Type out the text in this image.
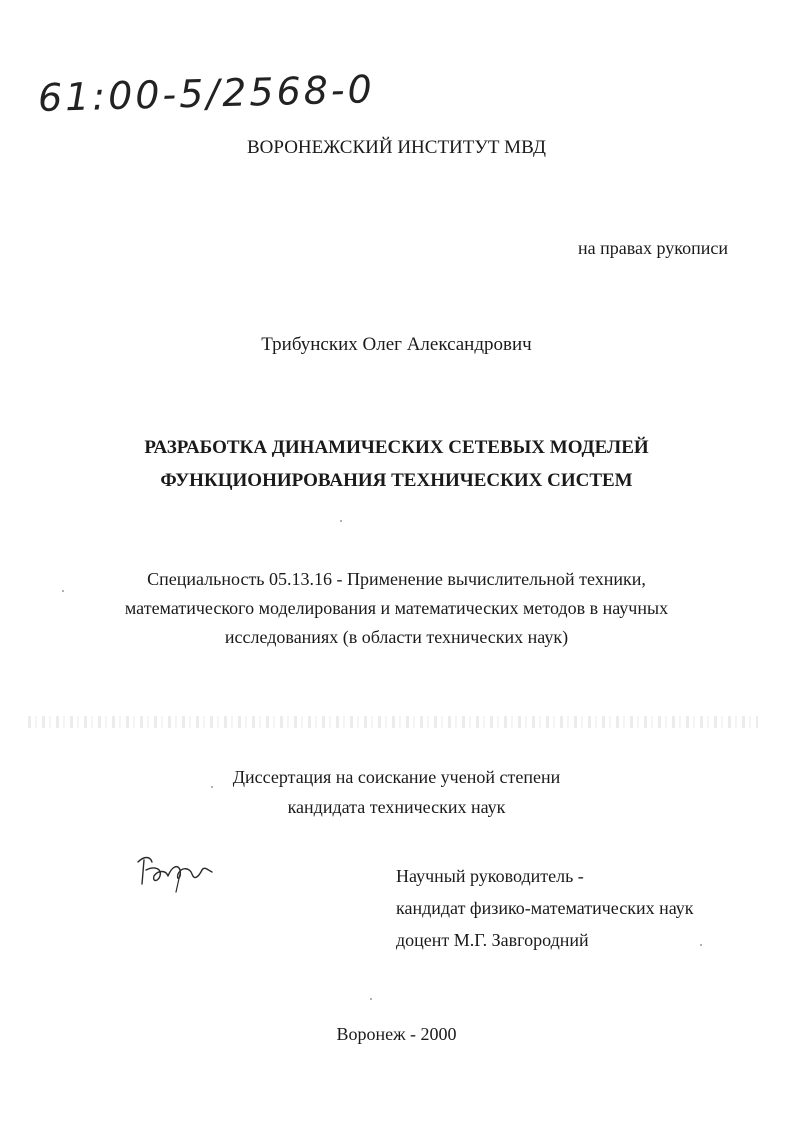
61:00-5/2568-0
ВОРОНЕЖСКИЙ ИНСТИТУТ МВД
на правах рукописи
Трибунских Олег Александрович
РАЗРАБОТКА ДИНАМИЧЕСКИХ СЕТЕВЫХ МОДЕЛЕЙ
ФУНКЦИОНИРОВАНИЯ ТЕХНИЧЕСКИХ СИСТЕМ
Специальность 05.13.16 - Применение вычислительной техники,
математического моделирования и математических методов в научных
исследованиях (в области технических наук)
Диссертация на соискание ученой степени
кандидата технических наук
Научный руководитель -
кандидат физико-математических наук
доцент М.Г. Завгородний
Воронеж - 2000
